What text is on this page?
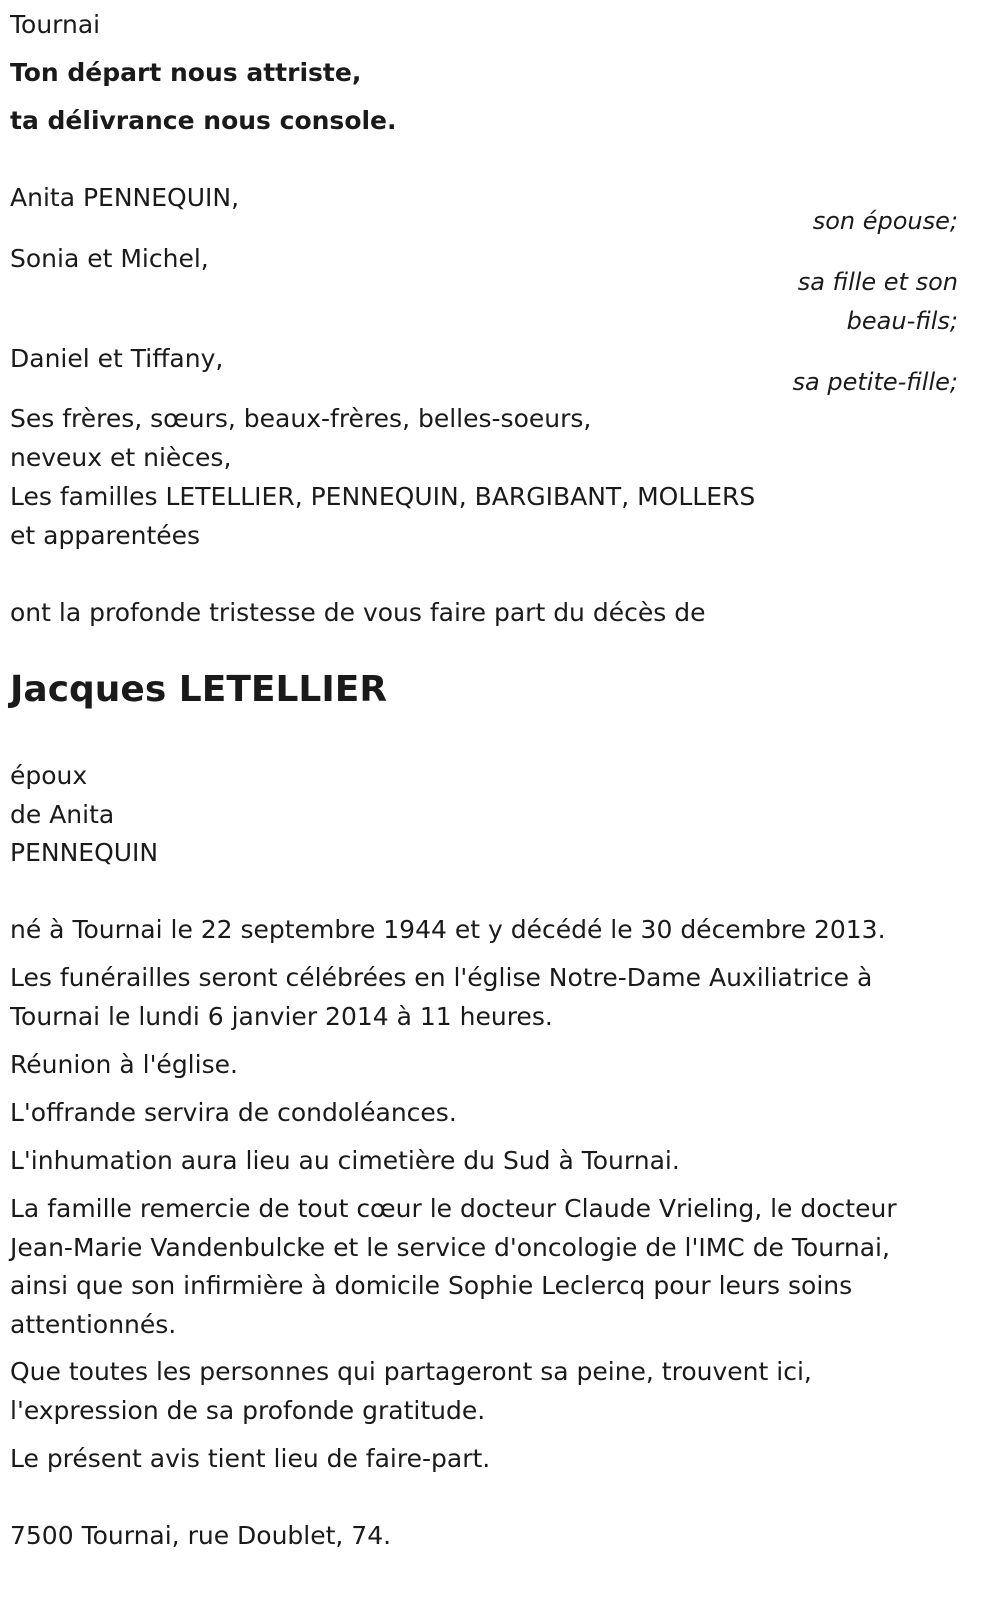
Tournai
Ton départ nous attriste,
ta délivrance nous console.
Anita PENNEQUIN,
son épouse;
Sonia et Michel,
sa fille et son
beau-fils;
Daniel et Tiffany,
sa petite-fille;
Ses frères, sœurs, beaux-frères, belles-soeurs,
neveux et nièces,
Les familles LETELLIER, PENNEQUIN, BARGIBANT, MOLLERS
et apparentées
ont la profonde tristesse de vous faire part du décès de
Jacques LETELLIER
époux
de Anita
PENNEQUIN
né à Tournai le 22 septembre 1944 et y décédé le 30 décembre 2013.
Les funérailles seront célébrées en l'église Notre-Dame Auxiliatrice à
Tournai le lundi 6 janvier 2014 à 11 heures.
Réunion à l'église.
L'offrande servira de condoléances.
L'inhumation aura lieu au cimetière du Sud à Tournai.
La famille remercie de tout cœur le docteur Claude Vrieling, le docteur
Jean-Marie Vandenbulcke et le service d'oncologie de l'IMC de Tournai,
ainsi que son infirmière à domicile Sophie Leclercq pour leurs soins
attentionnés.
Que toutes les personnes qui partageront sa peine, trouvent ici,
l'expression de sa profonde gratitude.
Le présent avis tient lieu de faire-part.
7500 Tournai, rue Doublet, 74.
